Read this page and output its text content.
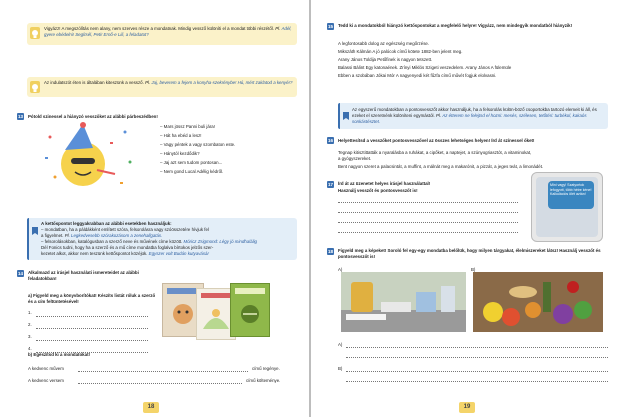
Vigyázz! A megszólítás nem alany, nem szerves része a mondatnak. Mindig vessző különíti el a mondat többi részétől. Pl. Adél, gyere ebédelni! Segítsél, Peti! Ernő-e Lili, a feladatot?
Az indulatszót éten is általában kiteszünk a vessző. Pl. Jaj, beverem a fejem a konyha-szekrénybe! Hú, mért zaklatod a kenyér?
13 Pótold szinessel a hiányzó vesszőket az alábbi párbeszédben!
– Mars jössz Panni buli jára!
– Hát ha ebéd a lesz!
– Vagy péntek a vagy szombaton este.
– Hánytól kezdődik?
– Jaj azt sem tudom pontosan...
– Nem gond Lucal Adélig kédről.
A kettőspontot leggyakrabban az alábbi esetekben használjuk:
– mondatban, ha a páldákként említett szóra, felsorolásra vagy szóösszetére hívjuk fel
a figyelmet. Pl. Legkedvesebb szórakozásom a zenehallgatás.
– felsorolásokban, katalógusban a szerző neve és művének címe között. Móricz Zsigmond: Légy jó mindhalálig
Dél Fonics tudni, hogy ha a szerző és a mű címe mondatba foglalva bírtokos jelzős szer-
kezetet alkot, akkor nem teszünk kettőspontot közéjük. Egyszer volt Budán kutyavásár
14 Alkalmazd az írásjel használati ismereteidet az alábbi feladatokban!
a) Figyeld meg a könyvborítókat! Készíts listát róluk a szerző és a cím feltüntetésével!
1.
2.
3.
4.
b) Egészítsd ki a mondatokat!
A kedvenc művem	című regénye.
A kedvenc versem	című költeménye.
18
15 Tedd ki a mondatokból hiányzó kettőspontokat a megfelelő helyre! Vigyázz, nem mindegyik mondatból hiányzik!
A legfontosabb dolog az egészség megőrzése.
Mikszáth Kálmán A jó palócok című kötete 1882-ben jelent meg.
Arany János Toldija Petőfinek is nagyon tetszett.
Balassi Bálint Egy katonaének. Zrínyi Miklós Szigeti veszedelem. Arany János A fülemüle
Ebben a szobában Jókai Mór A nagyenyedi két fűzfa című művét fogjuk elolvasni.
Az egyszerű mondatokban a pontosvesszőt akkor használjuk, ha a felsorolás külön-böző csoportokba tartozó elemeit ki áll, és ezeket el szeretnénk különíteni egymástól. Pl. Az étterem ne felejtsd el hozni: mesés, szélesen, tetőtéri: turbékol, kakaós sonkástésztet.
16 Helyettesítsd a vesszőket pontosvesszővel az összes lehetséges helyen! Írd át színessel őket!
Tegnap kitisztittatták a nyaralásba a ruhákat, a cipőket, a naptejet, a szúnyogriasztót, a vitaminokat,
a gyógyszereket.
Bent nagyon szeret a palacsintát, a muffint, a málnát meg a makarónit, a pizzát, a jeges teát, a limonádét.
17 Írd át az üzenetet helyes írásjel használattal!
Használj vesszőt és pontosvesszőt is!
Mini vagy! Szatyortok lefogyott, több hétre kéne! Kalkulációs ölét aztán!
18 Figyeld meg a képeket! Soroló fel egy-egy mondatba belőlük, hogy milyen tárgyakat, élelmiszereket látsz! Használj vesszőt és pontosvesszőt is!
A)	B)
A)
B)
19
